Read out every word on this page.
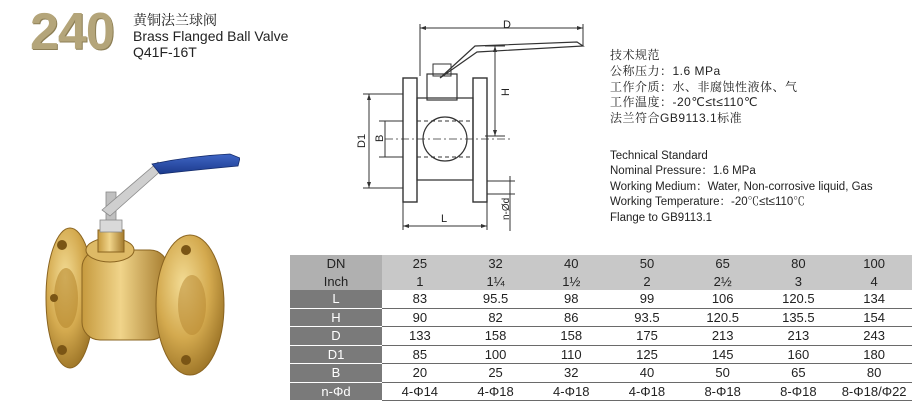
240 黄铜法兰球阀
Brass Flanged Ball Valve
Q41F-16T
D
H
D1 B
L	n-Ød
技术规范
公称压力：1.6 MPa
工作介质：水、非腐蚀性液体、气
工作温度：-20℃≤t≤110℃
法兰符合GB9113.1标准
Technical Standard
Nominal Pressure：1.6 MPa
Working Medium：Water, Non-corrosive liquid, Gas
Working Temperature：-20℃≤t≤110℃
Flange to GB9113.1
DN	25	32	40	50	65	80	100
Inch	1	1¼	1½	2	2½	3	4
L	83	95.5	98	99	106	120.5	134
H	90	82	86	93.5	120.5	135.5	154
D	133	158	158	175	213	213	243
D1	85	100	110	125	145	160	180
B	20	25	32	40	50	65	80
n-Φd	4-Φ14	4-Φ18	4-Φ18	4-Φ18	8-Φ18	8-Φ18	8-Φ18/Φ22
